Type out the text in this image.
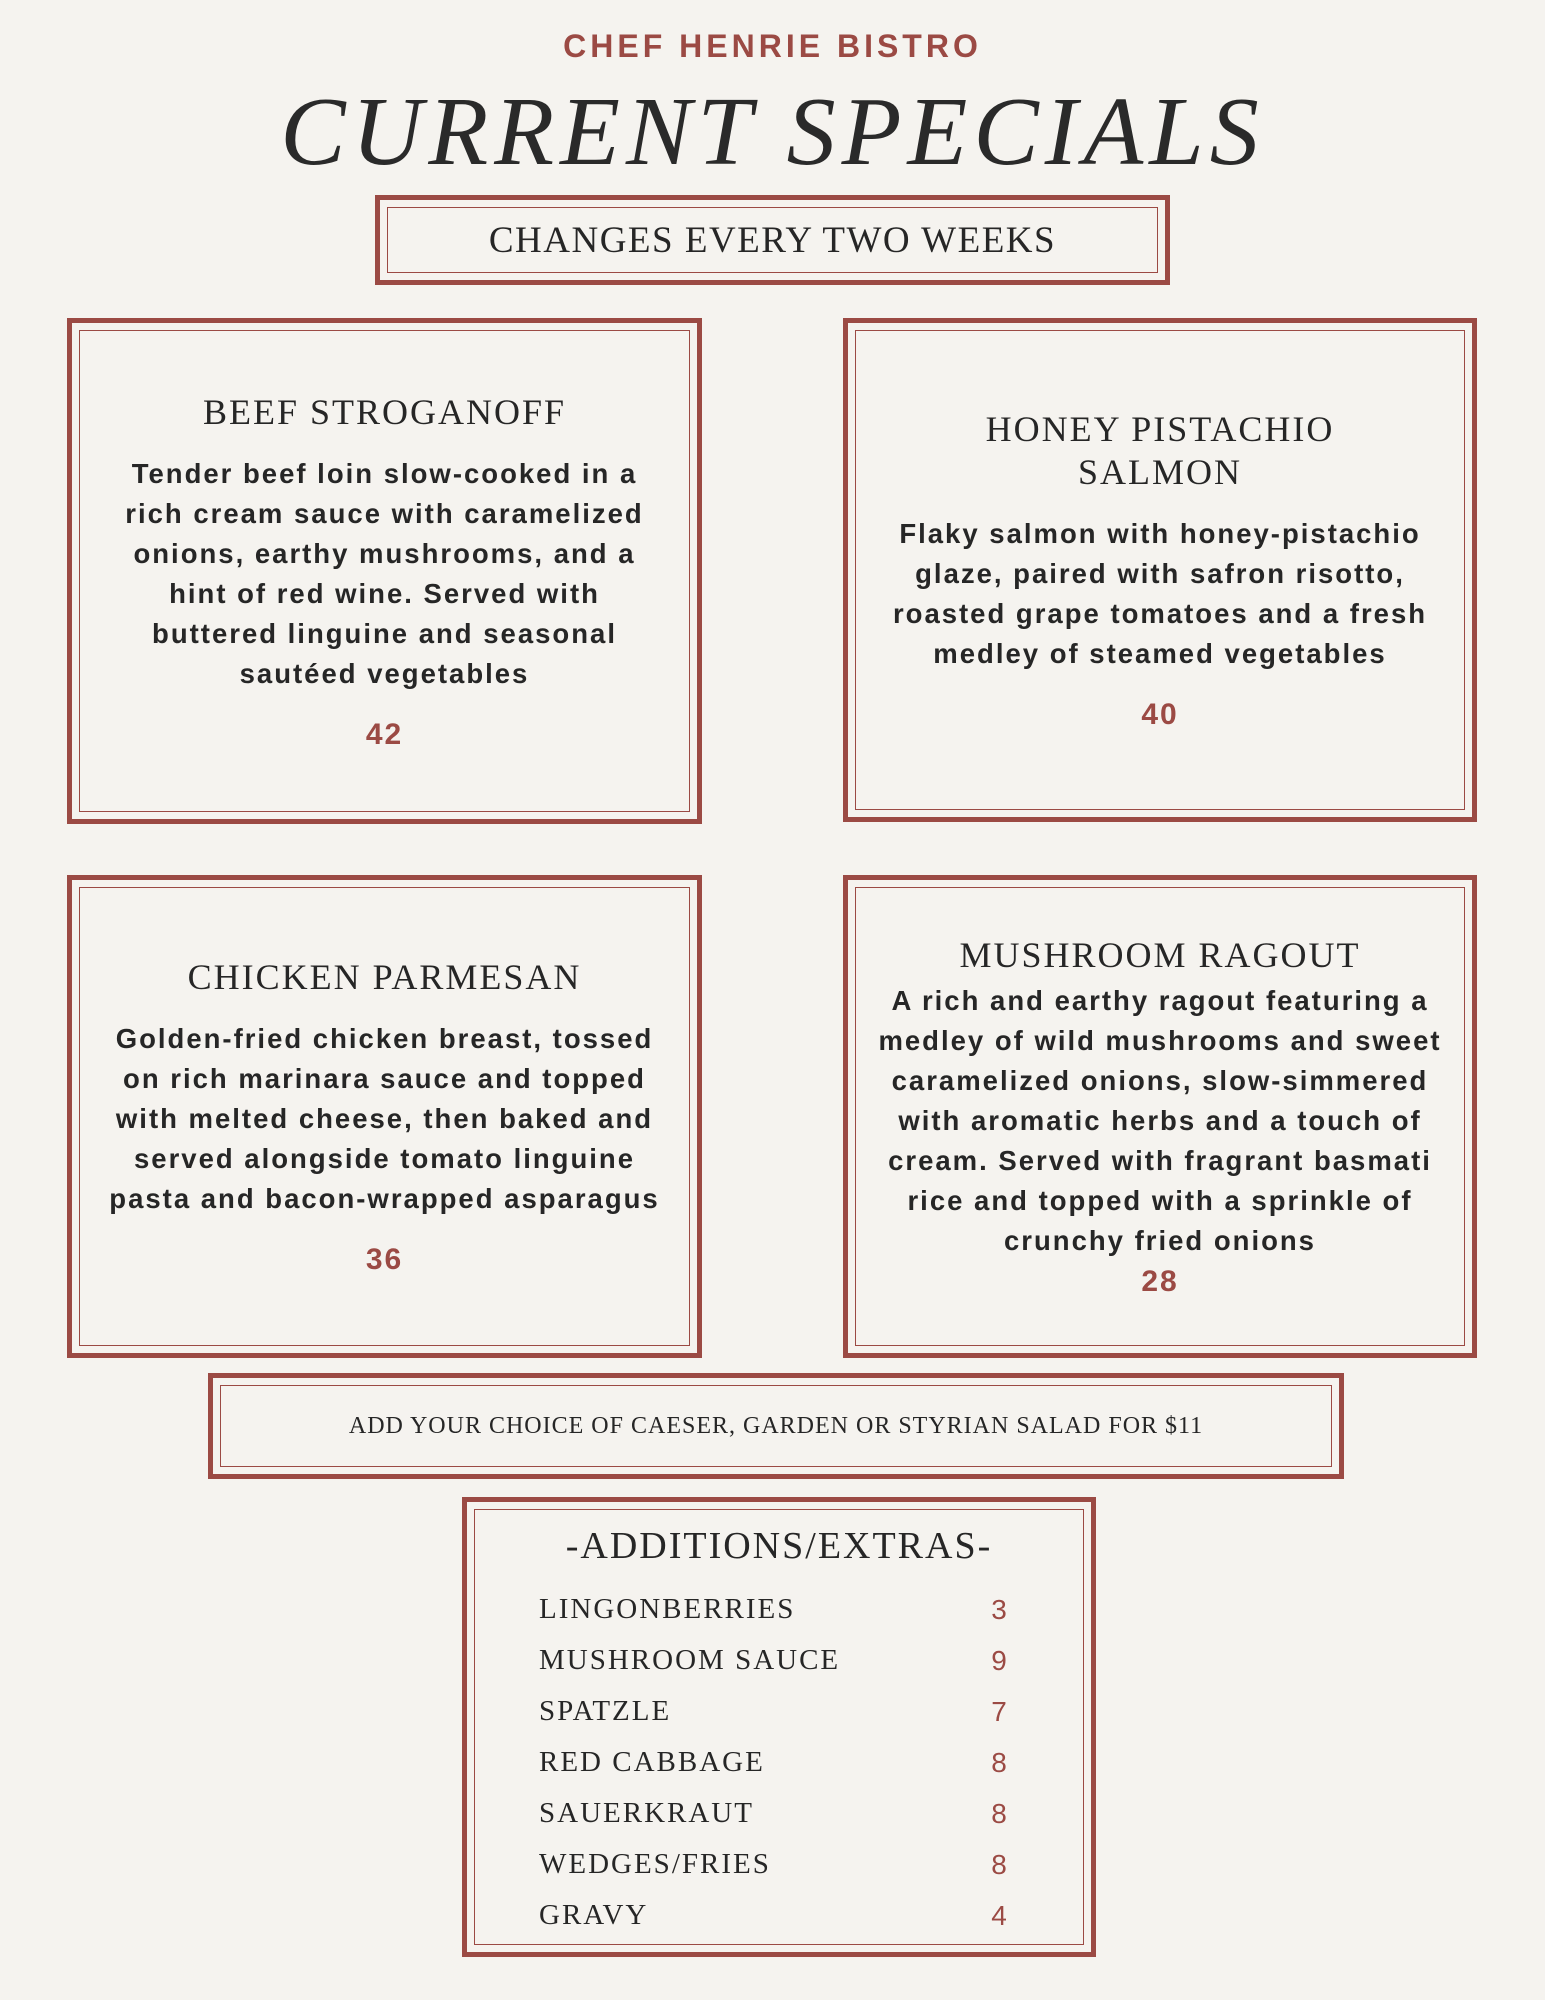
CHEF HENRIE BISTRO
CURRENT SPECIALS
CHANGES EVERY TWO WEEKS
BEEF STROGANOFF
Tender beef loin slow-cooked in a rich cream sauce with caramelized onions, earthy mushrooms, and a hint of red wine. Served with buttered linguine and seasonal sautéed vegetables
42
HONEY PISTACHIO SALMON
Flaky salmon with honey-pistachio glaze, paired with safron risotto, roasted grape tomatoes and a fresh medley of steamed vegetables
40
CHICKEN PARMESAN
Golden-fried chicken breast, tossed on rich marinara sauce and topped with melted cheese, then baked and served alongside tomato linguine pasta and bacon-wrapped asparagus
36
MUSHROOM RAGOUT
A rich and earthy ragout featuring a medley of wild mushrooms and sweet caramelized onions, slow-simmered with aromatic herbs and a touch of cream. Served with fragrant basmati rice and topped with a sprinkle of crunchy fried onions
28
ADD YOUR CHOICE OF CAESER, GARDEN OR STYRIAN SALAD FOR $11
-ADDITIONS/EXTRAS-
LINGONBERRIES	3
MUSHROOM SAUCE	9
SPATZLE	7
RED CABBAGE	8
SAUERKRAUT	8
WEDGES/FRIES	8
GRAVY	4
